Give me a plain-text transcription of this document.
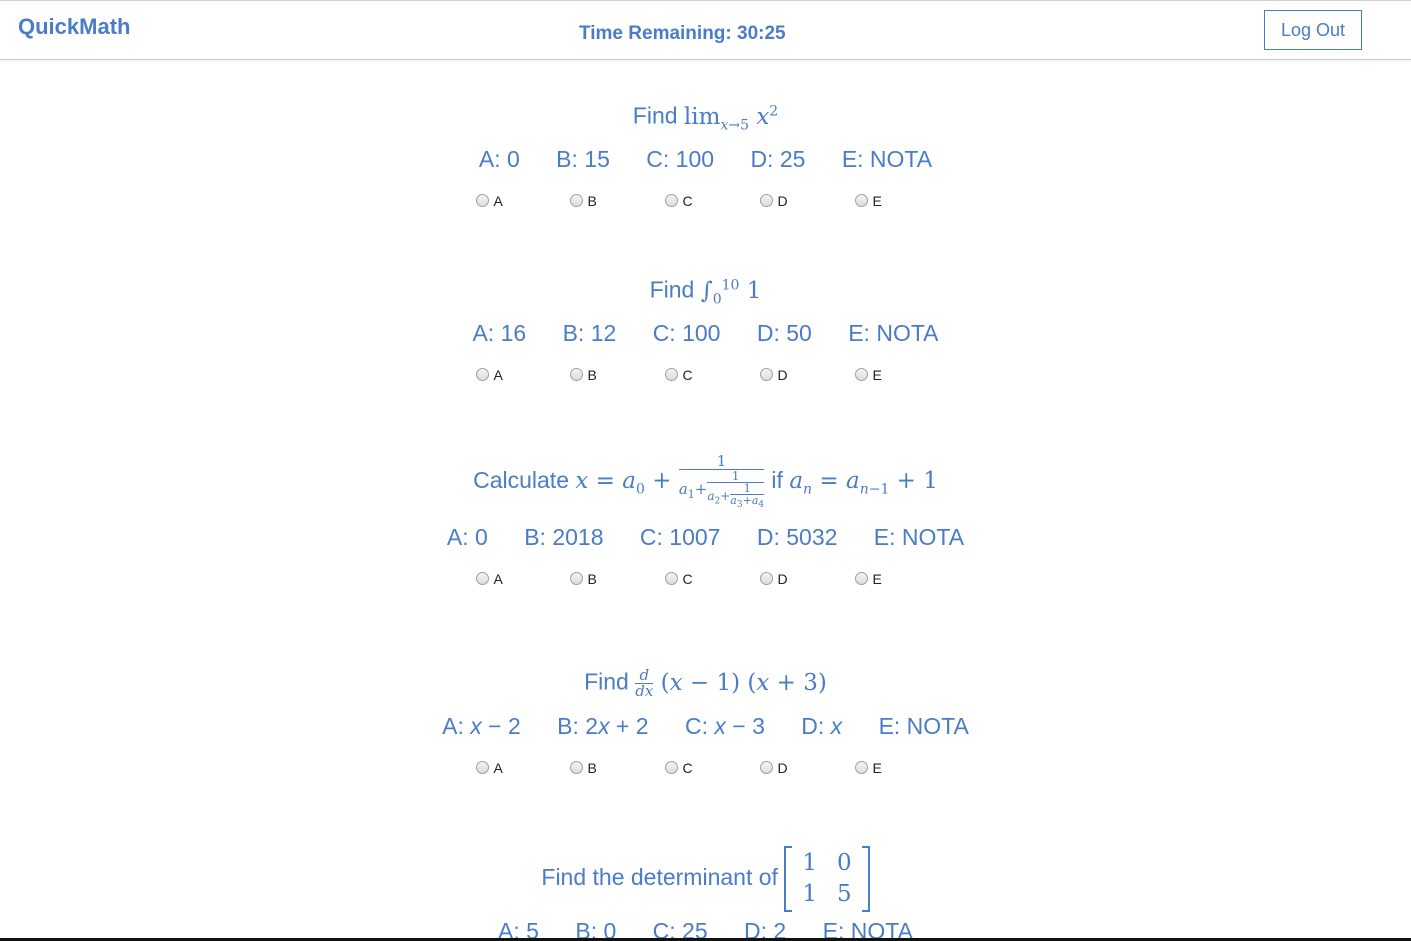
QuickMath	Time Remaining: 30:25	Log Out
Find $\lim_{x\to 5} x^2$
A: 0 B: 15 C: 100 D: 25 E: NOTA
A	B	C	D	E
Find $\int_0^{10}$ 1
A: 16 B: 12 C: 100 D: 50 E: NOTA
A	B	C	D	E
Calculate $x = a_0 + \frac{1}{a_1+ \frac{1}{a_2+ \frac{1}{a_3+a_4}}}$ if $a_n = a_{n-1} + 1$
A: 0 B: 2018 C: 1007 D: 5032 E: NOTA
A	B	C	D	E
Find $\frac{d}{dx} (x - 1) (x + 3)$
A: x − 2 B: 2x + 2 C: x − 3 D: x E: NOTA
A	B	C	D	E
Find the determinant of
1	0
1	5
A: 5 B: 0 C: 25 D: 2 E: NOTA
